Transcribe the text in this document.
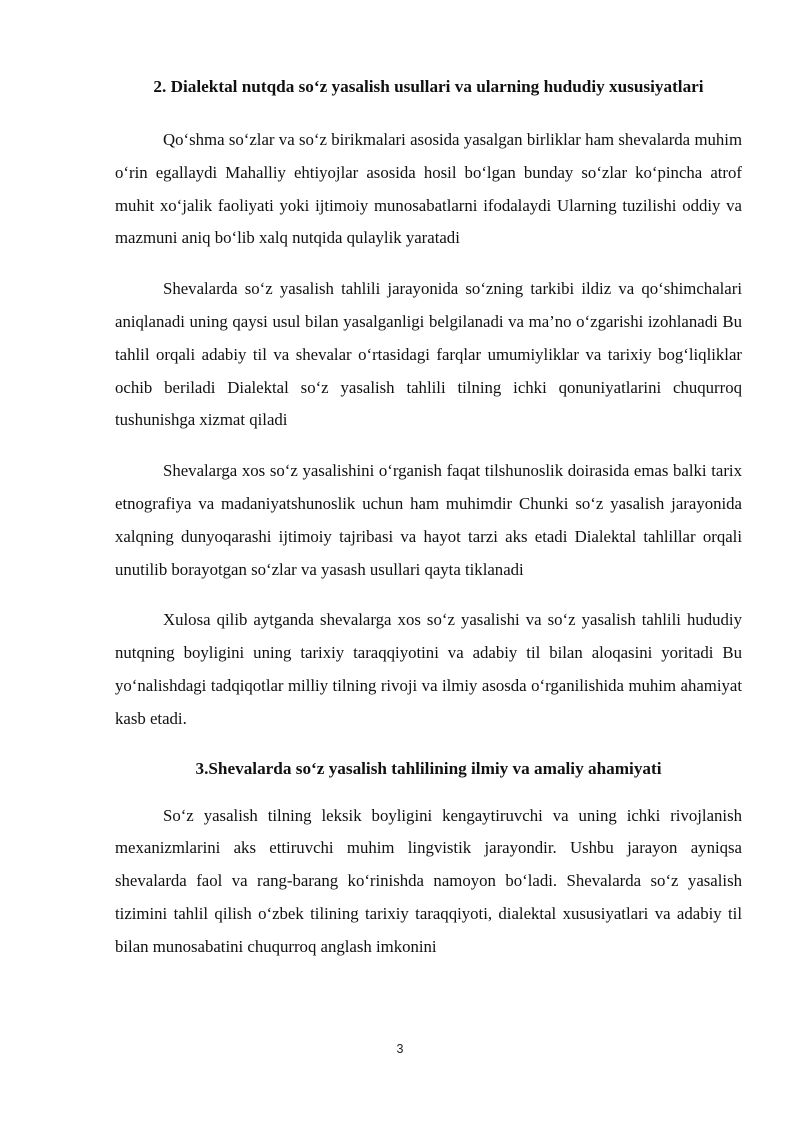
2. Dialektal nutqda so‘z yasalish usullari va ularning hududiy xususiyatlari

Qo‘shma so‘zlar va so‘z birikmalari asosida yasalgan birliklar ham shevalarda muhim o‘rin egallaydi Mahalliy ehtiyojlar asosida hosil bo‘lgan bunday so‘zlar ko‘pincha atrof muhit xo‘jalik faoliyati yoki ijtimoiy munosabatlarni ifodalaydi Ularning tuzilishi oddiy va mazmuni aniq bo‘lib xalq nutqida qulaylik yaratadi

Shevalarda so‘z yasalish tahlili jarayonida so‘zning tarkibi ildiz va qo‘shimchalari aniqlanadi uning qaysi usul bilan yasalganligi belgilanadi va ma’no o‘zgarishi izohlanadi Bu tahlil orqali adabiy til va shevalar o‘rtasidagi farqlar umumiyliklar va tarixiy bog‘liqliklar ochib beriladi Dialektal so‘z yasalish tahlili tilning ichki qonuniyatlarini chuqurroq tushunishga xizmat qiladi

Shevalarga xos so‘z yasalishini o‘rganish faqat tilshunoslik doirasida emas balki tarix etnografiya va madaniyatshunoslik uchun ham muhimdir Chunki so‘z yasalish jarayonida xalqning dunyoqarashi ijtimoiy tajribasi va hayot tarzi aks etadi Dialektal tahlillar orqali unutilib borayotgan so‘zlar va yasash usullari qayta tiklanadi

Xulosa qilib aytganda shevalarga xos so‘z yasalishi va so‘z yasalish tahlili hududiy nutqning boyligini uning tarixiy taraqqiyotini va adabiy til bilan aloqasini yoritadi Bu yo‘nalishdagi tadqiqotlar milliy tilning rivoji va ilmiy asosda o‘rganilishida muhim ahamiyat kasb etadi.

3.Shevalarda so‘z yasalish tahlilining ilmiy va amaliy ahamiyati

So‘z yasalish tilning leksik boyligini kengaytiruvchi va uning ichki rivojlanish mexanizmlarini aks ettiruvchi muhim lingvistik jarayondir. Ushbu jarayon ayniqsa shevalarda faol va rang-barang ko‘rinishda namoyon bo‘ladi. Shevalarda so‘z yasalish tizimini tahlil qilish o‘zbek tilining tarixiy taraqqiyoti, dialektal xususiyatlari va adabiy til bilan munosabatini chuqurroq anglash imkonini

3
